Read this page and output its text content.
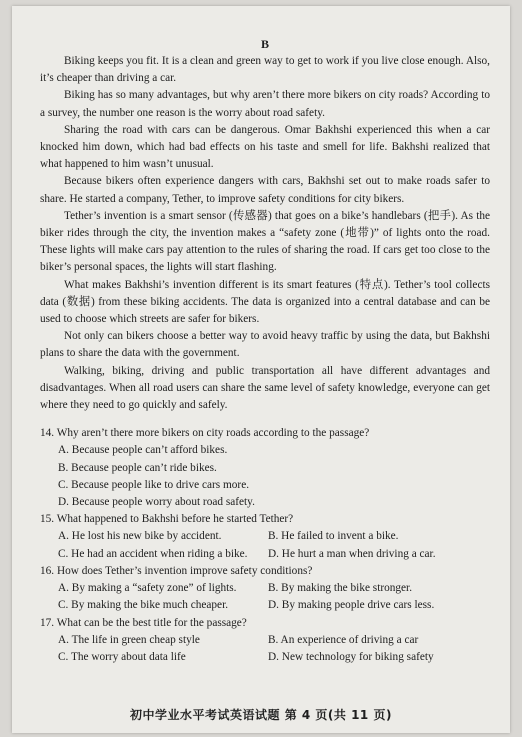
B

Biking keeps you fit. It is a clean and green way to get to work if you live close enough. Also, it’s cheaper than driving a car.

Biking has so many advantages, but why aren’t there more bikers on city roads? According to a survey, the number one reason is the worry about road safety.

Sharing the road with cars can be dangerous. Omar Bakhshi experienced this when a car knocked him down, which had bad effects on his taste and smell for life. Bakhshi realized that what happened to him wasn’t unusual.

Because bikers often experience dangers with cars, Bakhshi set out to make roads safer to share. He started a company, Tether, to improve safety conditions for city bikers.

Tether’s invention is a smart sensor (传感器) that goes on a bike’s handlebars (把手). As the biker rides through the city, the invention makes a “safety zone (地带)” of lights onto the road. These lights will make cars pay attention to the rules of sharing the road. If cars get too close to the biker’s personal spaces, the lights will start flashing.

What makes Bakhshi’s invention different is its smart features (特点). Tether’s tool collects data (数据) from these biking accidents. The data is organized into a central database and can be used to choose which streets are safer for bikers.

Not only can bikers choose a better way to avoid heavy traffic by using the data, but Bakhshi plans to share the data with the government.

Walking, biking, driving and public transportation all have different advantages and disadvantages. When all road users can share the same level of safety knowledge, everyone can get where they need to go quickly and safely.

14. Why aren’t there more bikers on city roads according to the passage?
A. Because people can’t afford bikes.
B. Because people can’t ride bikes.
C. Because people like to drive cars more.
D. Because people worry about road safety.
15. What happened to Bakhshi before he started Tether?
A. He lost his new bike by accident.	B. He failed to invent a bike.
C. He had an accident when riding a bike.	D. He hurt a man when driving a car.
16. How does Tether’s invention improve safety conditions?
A. By making a “safety zone” of lights.	B. By making the bike stronger.
C. By making the bike much cheaper.	D. By making people drive cars less.
17. What can be the best title for the passage?
A. The life in green cheap style	B. An experience of driving a car
C. The worry about data life	D. New technology for biking safety
初中学业水平考试英语试题 第 4 页(共 11 页)
